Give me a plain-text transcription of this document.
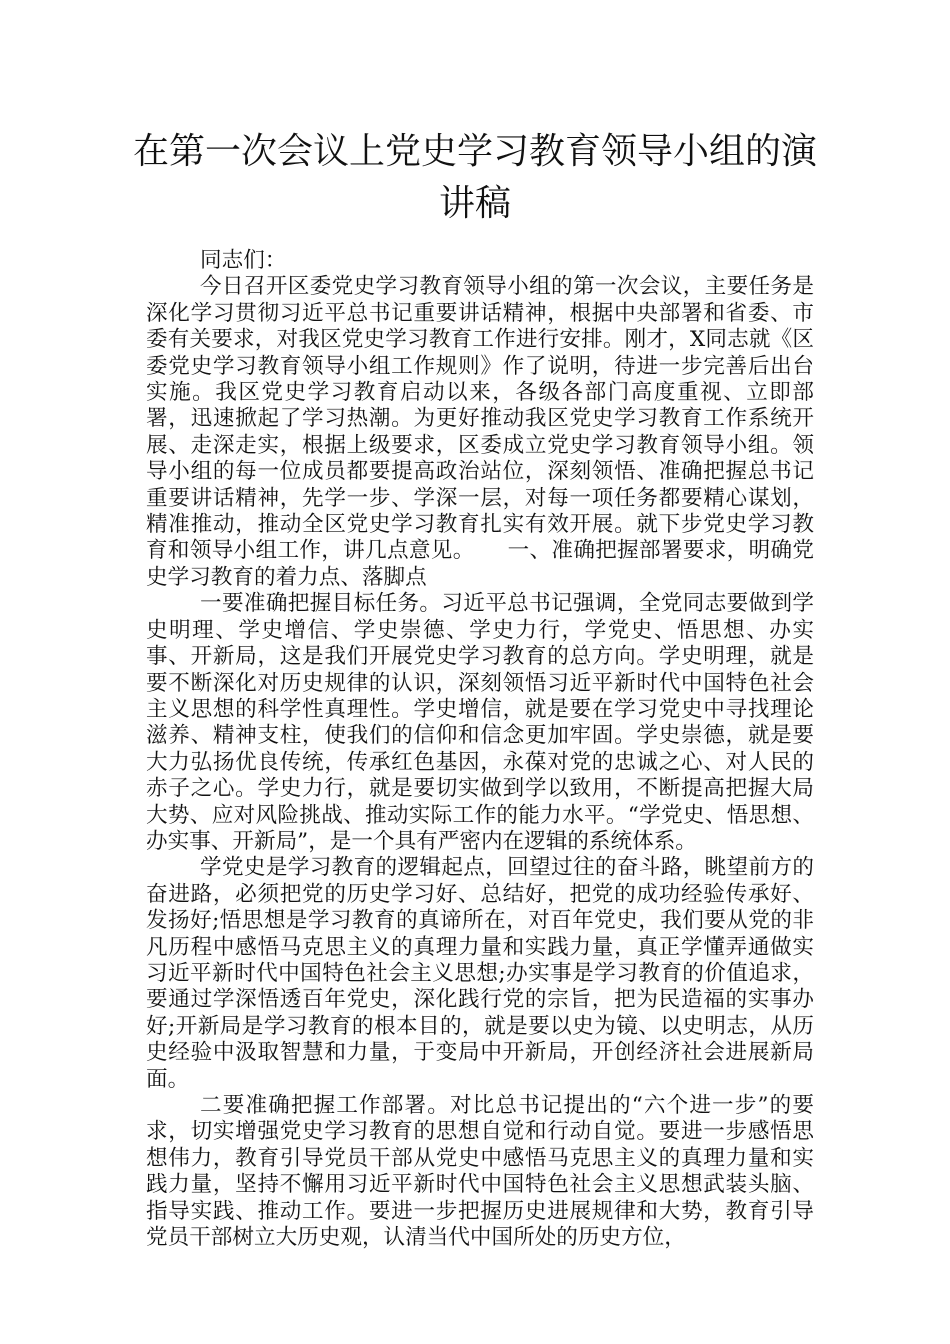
在第一次会议上党史学习教育领导小组的演讲稿

同志们：

今日召开区委党史学习教育领导小组的第一次会议，主要任务是深化学习贯彻习近平总书记重要讲话精神，根据中央部署和省委、市委有关要求，对我区党史学习教育工作进行安排。刚才，X同志就《区委党史学习教育领导小组工作规则》作了说明，待进一步完善后出台实施。我区党史学习教育启动以来，各级各部门高度重视、立即部署，迅速掀起了学习热潮。为更好推动我区党史学习教育工作系统开展、走深走实，根据上级要求，区委成立党史学习教育领导小组。领导小组的每一位成员都要提高政治站位，深刻领悟、准确把握总书记重要讲话精神，先学一步、学深一层，对每一项任务都要精心谋划，精准推动，推动全区党史学习教育扎实有效开展。就下步党史学习教育和领导小组工作，讲几点意见。　　一、准确把握部署要求，明确党史学习教育的着力点、落脚点

一要准确把握目标任务。习近平总书记强调，全党同志要做到学史明理、学史增信、学史崇德、学史力行，学党史、悟思想、办实事、开新局，这是我们开展党史学习教育的总方向。学史明理，就是要不断深化对历史规律的认识，深刻领悟习近平新时代中国特色社会主义思想的科学性真理性。学史增信，就是要在学习党史中寻找理论滋养、精神支柱，使我们的信仰和信念更加牢固。学史崇德，就是要大力弘扬优良传统，传承红色基因，永葆对党的忠诚之心、对人民的赤子之心。学史力行，就是要切实做到学以致用，不断提高把握大局大势、应对风险挑战、推动实际工作的能力水平。“学党史、悟思想、办实事、开新局”，是一个具有严密内在逻辑的系统体系。

学党史是学习教育的逻辑起点，回望过往的奋斗路，眺望前方的奋进路，必须把党的历史学习好、总结好，把党的成功经验传承好、发扬好;悟思想是学习教育的真谛所在，对百年党史，我们要从党的非凡历程中感悟马克思主义的真理力量和实践力量，真正学懂弄通做实习近平新时代中国特色社会主义思想;办实事是学习教育的价值追求，要通过学深悟透百年党史，深化践行党的宗旨，把为民造福的实事办好;开新局是学习教育的根本目的，就是要以史为镜、以史明志，从历史经验中汲取智慧和力量，于变局中开新局，开创经济社会进展新局面。

二要准确把握工作部署。对比总书记提出的“六个进一步”的要求，切实增强党史学习教育的思想自觉和行动自觉。要进一步感悟思想伟力，教育引导党员干部从党史中感悟马克思主义的真理力量和实践力量，坚持不懈用习近平新时代中国特色社会主义思想武装头脑、指导实践、推动工作。要进一步把握历史进展规律和大势，教育引导党员干部树立大历史观，认清当代中国所处的历史方位，
